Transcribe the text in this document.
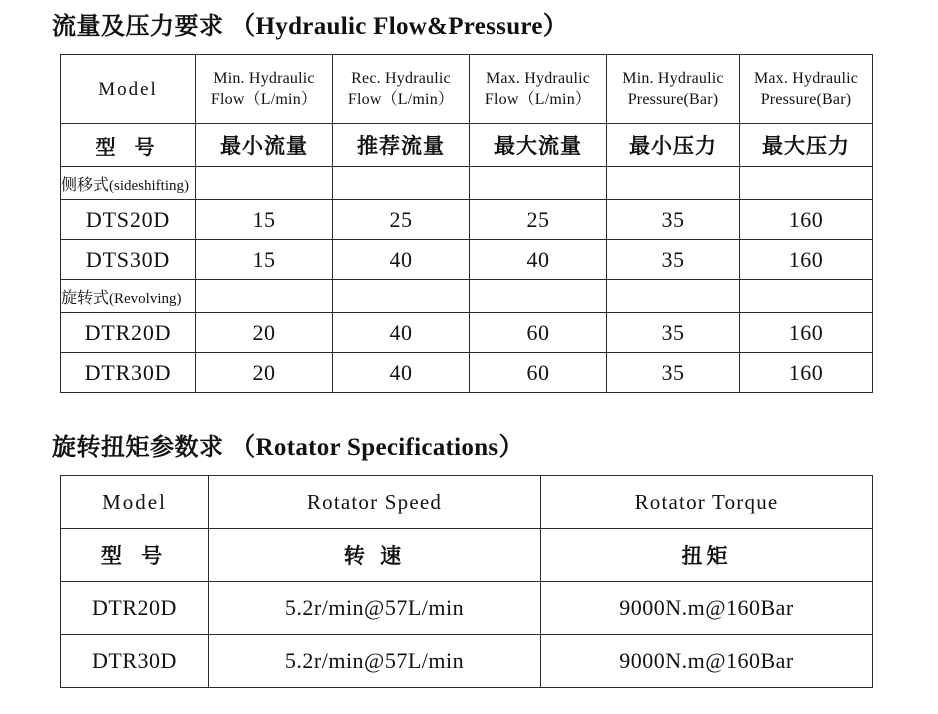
流量及压力要求 （Hydraulic Flow&Pressure）
Model	Min. Hydraulic Flow（L/min）	Rec. Hydraulic Flow（L/min）	Max. Hydraulic Flow（L/min）	Min. Hydraulic Pressure(Bar)	Max. Hydraulic Pressure(Bar)
型 号	最小流量	推荐流量	最大流量	最小压力	最大压力
侧移式(sideshifting)					
DTS20D	15	25	25	35	160
DTS30D	15	40	40	35	160
旋转式(Revolving)					
DTR20D	20	40	60	35	160
DTR30D	20	40	60	35	160
旋转扭矩参数求 （Rotator Specifications）
Model	Rotator Speed	Rotator Torque
型 号	转 速	扭矩
DTR20D	5.2r/min@57L/min	9000N.m@160Bar
DTR30D	5.2r/min@57L/min	9000N.m@160Bar
